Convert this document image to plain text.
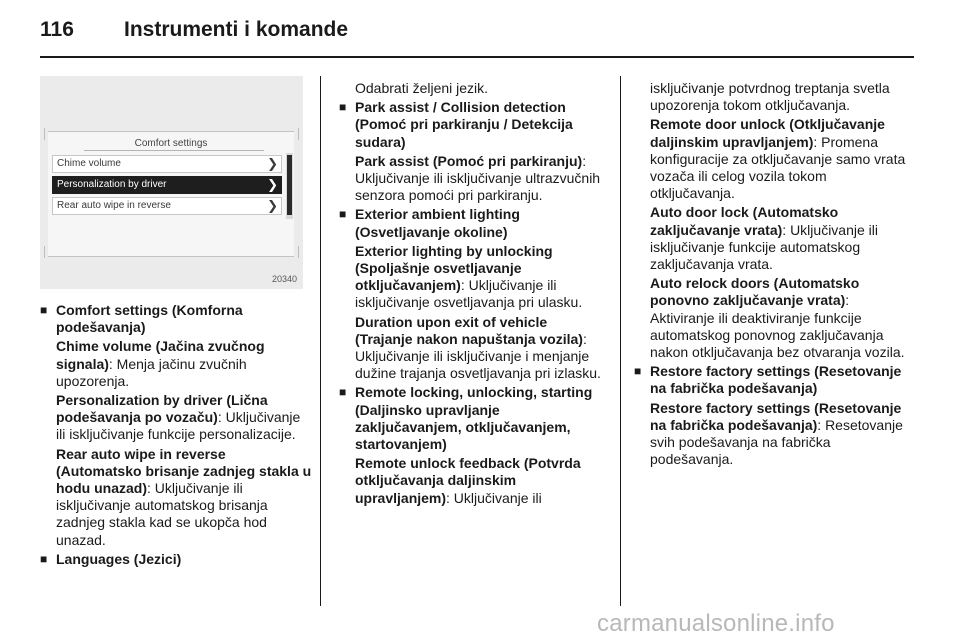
116 Instrumenti i komande
Comfort settings
Chime volume	❯
Personalization by driver	❯
Rear auto wipe in reverse	❯
20340
■ Comfort settings (Komforna podešavanja)

Chime volume (Jačina zvučnog signala): Menja jačinu zvučnih upozorenja.

Personalization by driver (Lična podešavanja po vozaču): Uključivanje ili isključivanje funkcije personalizacije.

Rear auto wipe in reverse (Automatsko brisanje zadnjeg stakla u hodu unazad): Uključivanje ili isključivanje automatskog brisanja zadnjeg stakla kad se ukopča hod unazad.

■ Languages (Jezici)

Odabrati željeni jezik.

■ Park assist / Collision detection (Pomoć pri parkiranju / Detekcija sudara)

Park assist (Pomoć pri parkiranju): Uključivanje ili isključivanje ultrazvučnih senzora pomoći pri parkiranju.

■ Exterior ambient lighting (Osvetljavanje okoline)

Exterior lighting by unlocking (Spoljašnje osvetljavanje otključavanjem): Uključivanje ili isključivanje osvetljavanja pri ulasku.

Duration upon exit of vehicle (Trajanje nakon napuštanja vozila): Uključivanje ili isključivanje i menjanje dužine trajanja osvetljavanja pri izlasku.

■ Remote locking, unlocking, starting (Daljinsko upravljanje zaključavanjem, otključavanjem, startovanjem)

Remote unlock feedback (Potvrda otključavanja daljinskim upravljanjem): Uključivanje ili

isključivanje potvrdnog treptanja svetla upozorenja tokom otključavanja.

Remote door unlock (Otključavanje daljinskim upravljanjem): Promena konfiguracije za otključavanje samo vrata vozača ili celog vozila tokom otključavanja.

Auto door lock (Automatsko zaključavanje vrata): Uključivanje ili isključivanje funkcije automatskog zaključavanja vrata.

Auto relock doors (Automatsko ponovno zaključavanje vrata): Aktiviranje ili deaktiviranje funkcije automatskog ponovnog zaključavanja nakon otključavanja bez otvaranja vozila.

■ Restore factory settings (Resetovanje na fabrička podešavanja)

Restore factory settings (Resetovanje na fabrička podešavanja): Resetovanje svih podešavanja na fabrička podešavanja.

carmanualsonline.info
